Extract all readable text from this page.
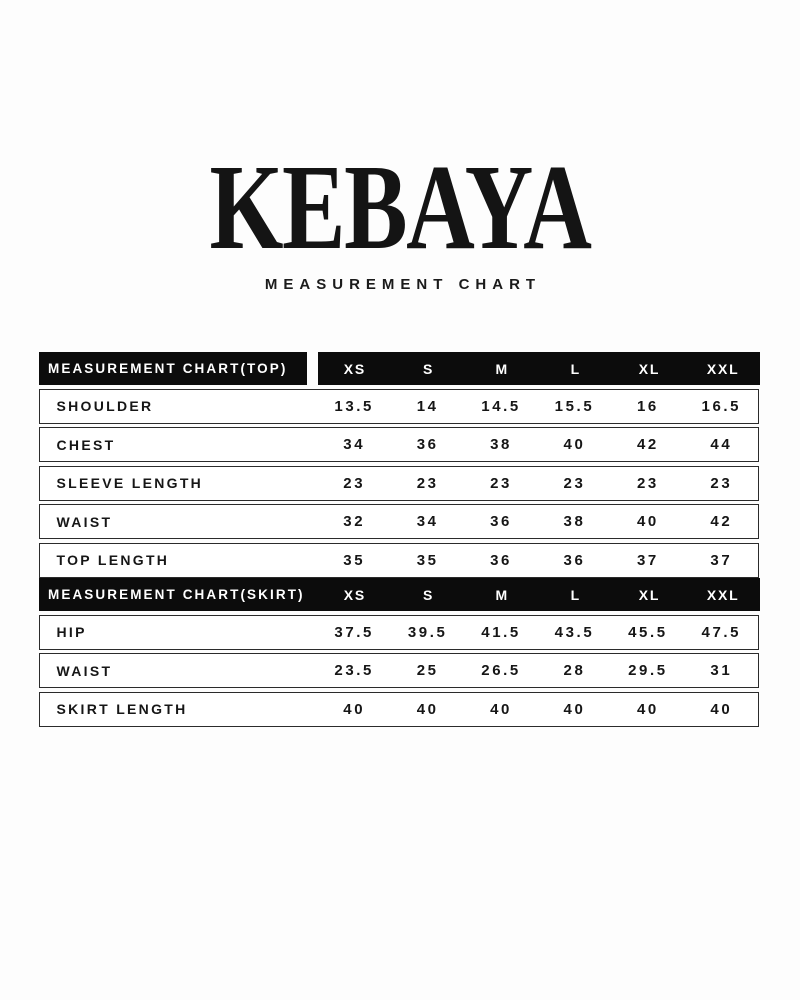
KEBAYA
MEASUREMENT CHART
MEASUREMENT CHART(TOP)	XS	S	M	L	XL	XXL
SHOULDER	13.5	14	14.5	15.5	16	16.5
CHEST	34	36	38	40	42	44
SLEEVE LENGTH	23	23	23	23	23	23
WAIST	32	34	36	38	40	42
TOP LENGTH	35	35	36	36	37	37
MEASUREMENT CHART(SKIRT)	XS	S	M	L	XL	XXL
HIP	37.5	39.5	41.5	43.5	45.5	47.5
WAIST	23.5	25	26.5	28	29.5	31
SKIRT LENGTH	40	40	40	40	40	40
